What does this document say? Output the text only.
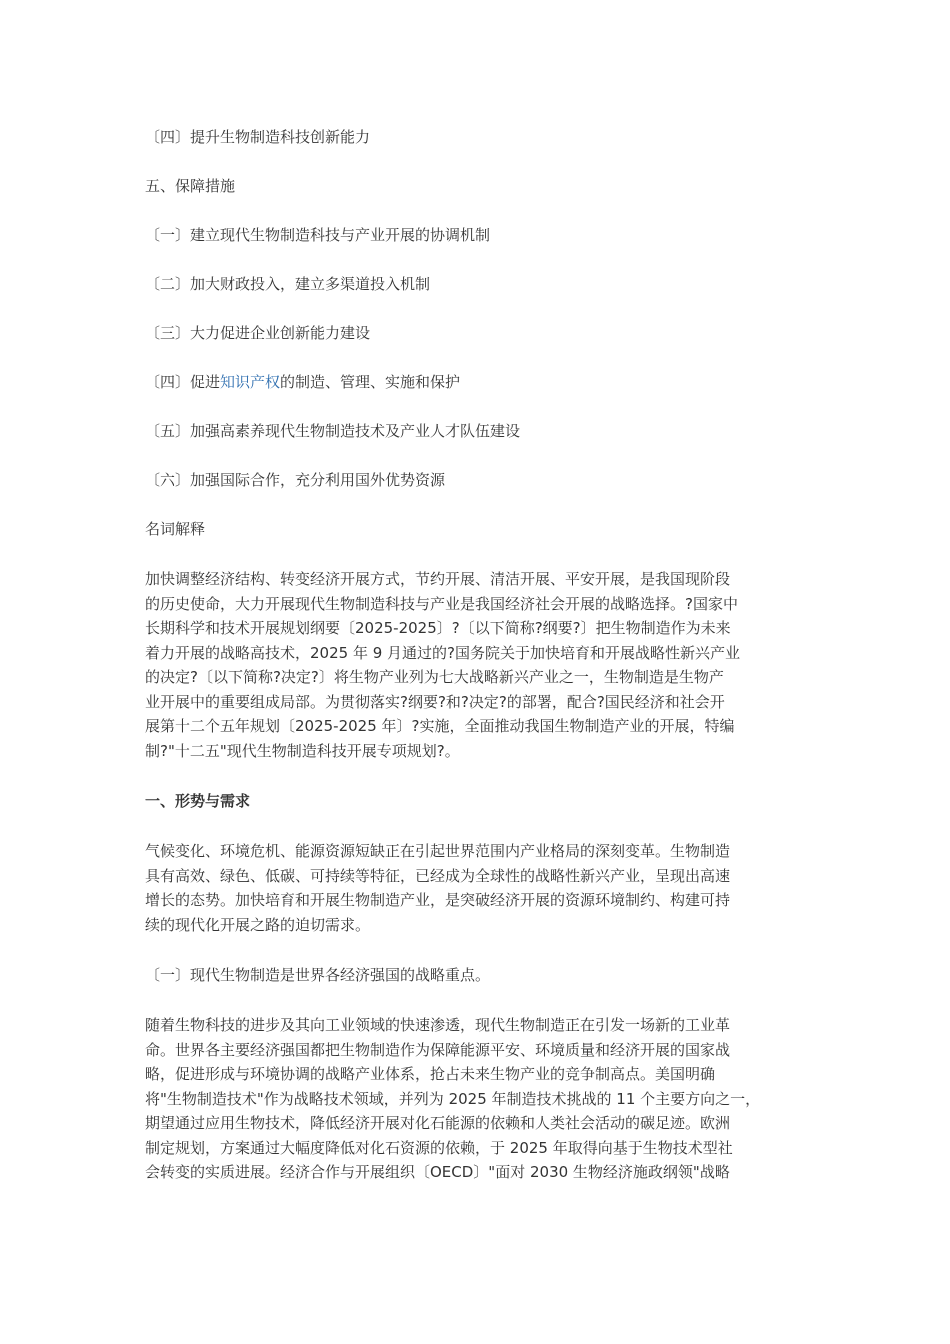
〔四〕提升生物制造科技创新能力
五、保障措施
〔一〕建立现代生物制造科技与产业开展的协调机制
〔二〕加大财政投入，建立多渠道投入机制
〔三〕大力促进企业创新能力建设
〔四〕促进知识产权的制造、管理、实施和保护
〔五〕加强高素养现代生物制造技术及产业人才队伍建设
〔六〕加强国际合作，充分利用国外优势资源
名词解释
加快调整经济结构、转变经济开展方式，节约开展、清洁开展、平安开展，是我国现阶段
的历史使命，大力开展现代生物制造科技与产业是我国经济社会开展的战略选择。?国家中
长期科学和技术开展规划纲要〔2025-2025〕?〔以下简称?纲要?〕把生物制造作为未来
着力开展的战略高技术，2025 年 9 月通过的?国务院关于加快培育和开展战略性新兴产业
的决定?〔以下简称?决定?〕将生物产业列为七大战略新兴产业之一，生物制造是生物产
业开展中的重要组成局部。为贯彻落实?纲要?和?决定?的部署，配合?国民经济和社会开
展第十二个五年规划〔2025-2025 年〕?实施，全面推动我国生物制造产业的开展，特编
制?"十二五"现代生物制造科技开展专项规划?。
一、形势与需求
气候变化、环境危机、能源资源短缺正在引起世界范围内产业格局的深刻变革。生物制造
具有高效、绿色、低碳、可持续等特征，已经成为全球性的战略性新兴产业，呈现出高速
增长的态势。加快培育和开展生物制造产业，是突破经济开展的资源环境制约、构建可持
续的现代化开展之路的迫切需求。
〔一〕现代生物制造是世界各经济强国的战略重点。
随着生物科技的进步及其向工业领域的快速渗透，现代生物制造正在引发一场新的工业革
命。世界各主要经济强国都把生物制造作为保障能源平安、环境质量和经济开展的国家战
略，促进形成与环境协调的战略产业体系，抢占未来生物产业的竞争制高点。美国明确
将"生物制造技术"作为战略技术领域，并列为 2025 年制造技术挑战的 11 个主要方向之一，
期望通过应用生物技术，降低经济开展对化石能源的依赖和人类社会活动的碳足迹。欧洲
制定规划，方案通过大幅度降低对化石资源的依赖，于 2025 年取得向基于生物技术型社
会转变的实质进展。经济合作与开展组织〔OECD〕"面对 2030 生物经济施政纲领"战略
